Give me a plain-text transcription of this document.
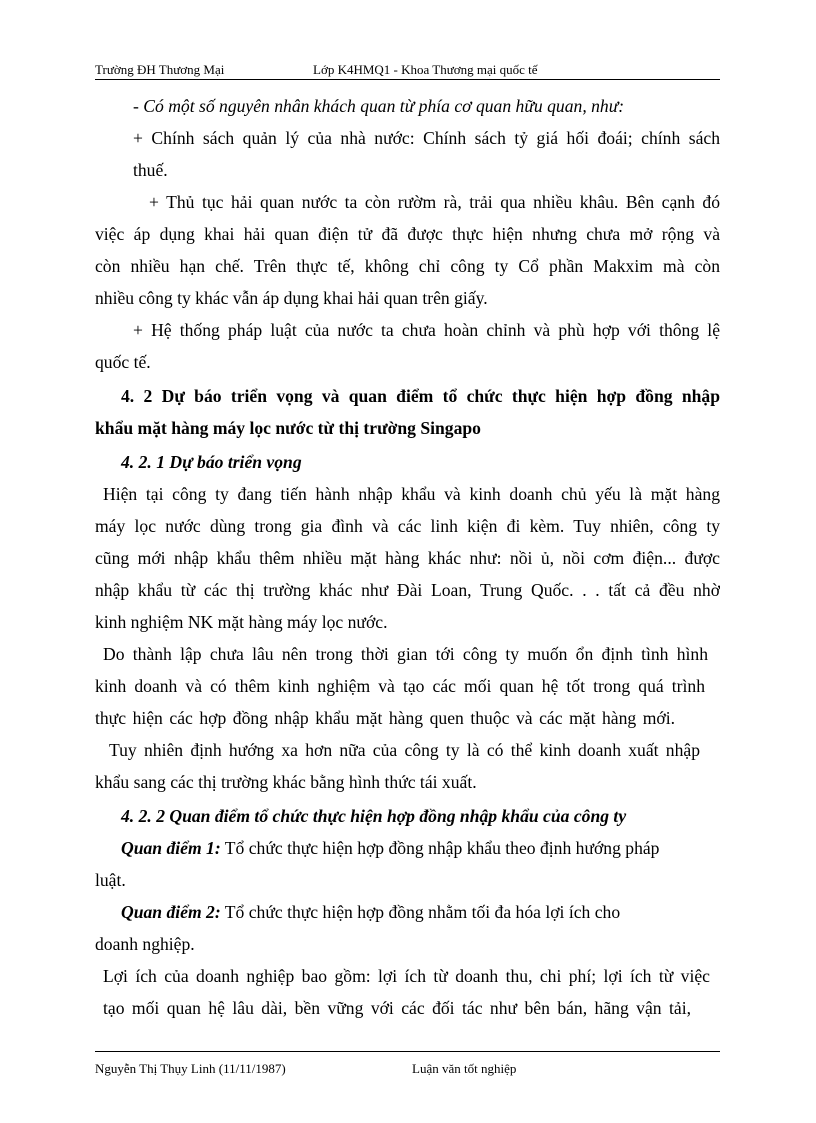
Trường ĐH Thương Mại	Lớp K4HMQ1 - Khoa Thương mại quốc tế
- Có một số nguyên nhân khách quan từ phía cơ quan hữu quan, như:
+ Chính sách quản lý của nhà nước: Chính sách tỷ giá hối đoái; chính sách
thuế.
+ Thủ tục hải quan nước ta còn rườm rà, trải qua nhiều khâu. Bên cạnh đó
việc áp dụng khai hải quan điện tử đã được thực hiện nhưng chưa mở rộng và
còn nhiều hạn chế. Trên thực tế, không chỉ công ty Cổ phần Makxim mà còn
nhiều công ty khác vẫn áp dụng khai hải quan trên giấy.
+ Hệ thống pháp luật của nước ta chưa hoàn chỉnh và phù hợp với thông lệ
quốc tế.
4. 2 Dự báo triển vọng và quan điểm tổ chức thực hiện hợp đồng nhập
khẩu mặt hàng máy lọc nước từ thị trường Singapo
4. 2. 1 Dự báo triển vọng
Hiện tại công ty đang tiến hành nhập khẩu và kinh doanh chủ yếu là mặt hàng
máy lọc nước dùng trong gia đình và các linh kiện đi kèm. Tuy nhiên, công ty
cũng mới nhập khẩu thêm nhiều mặt hàng khác như: nồi ủ, nồi cơm điện... được
nhập khẩu từ các thị trường khác như Đài Loan, Trung Quốc. . . tất cả đều nhờ
kinh nghiệm NK mặt hàng máy lọc nước.
Do thành lập chưa lâu nên trong thời gian tới công ty muốn ổn định tình hình
kinh doanh và có thêm kinh nghiệm và tạo các mối quan hệ tốt trong quá trình
thực hiện các hợp đồng nhập khẩu mặt hàng quen thuộc và các mặt hàng mới.
Tuy nhiên định hướng xa hơn nữa của công ty là có thể kinh doanh xuất nhập
khẩu sang các thị trường khác bằng hình thức tái xuất.
4. 2. 2 Quan điểm tổ chức thực hiện hợp đồng nhập khẩu của công ty
Quan điểm 1: Tổ chức thực hiện hợp đồng nhập khẩu theo định hướng pháp
luật.
Quan điểm 2: Tổ chức thực hiện hợp đồng nhằm tối đa hóa lợi ích cho
doanh nghiệp.
Lợi ích của doanh nghiệp bao gồm: lợi ích từ doanh thu, chi phí; lợi ích từ việc
tạo mối quan hệ lâu dài, bền vững với các đối tác như bên bán, hãng vận tải,
Nguyễn Thị Thụy Linh (11/11/1987)	Luận văn tốt nghiệp
